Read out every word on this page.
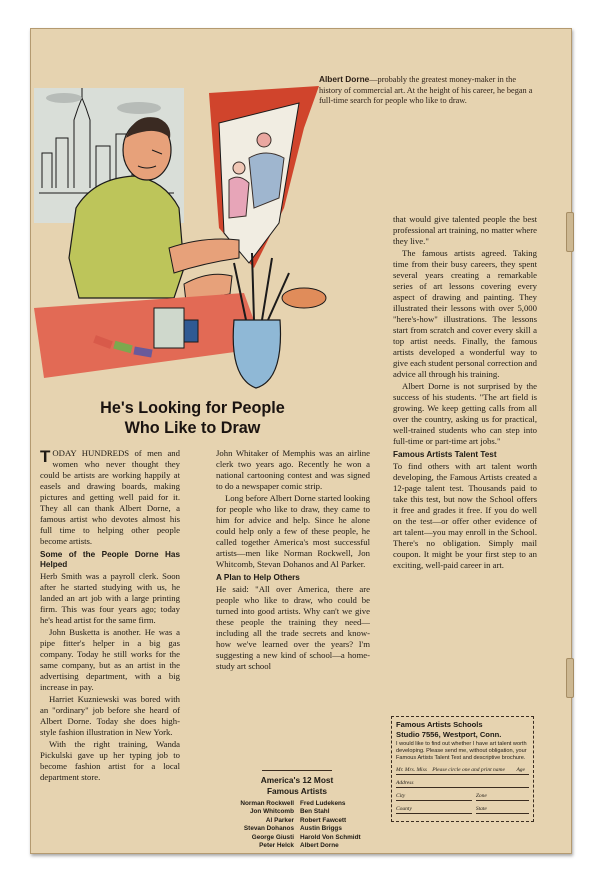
Albert Dorne—probably the greatest money-maker in the history of commercial art. At the height of his career, he began a full-time search for people who like to draw.
He's Looking for People
Who Like to Draw

TODAY HUNDREDS of men and women who never thought they could be artists are working happily at easels and drawing boards, making pictures and getting well paid for it. They all can thank Albert Dorne, a famous artist who devotes almost his full time to helping other people become artists.

Some of the People Dorne Has Helped

Herb Smith was a payroll clerk. Soon after he started studying with us, he landed an art job with a large printing firm. This was four years ago; today he's head artist for the same firm.

John Busketta is another. He was a pipe fitter's helper in a big gas company. Today he still works for the same company, but as an artist in the advertising department, with a big increase in pay.

Harriet Kuzniewski was bored with an "ordinary" job before she heard of Albert Dorne. Today she does high-style fashion illustration in New York.

With the right training, Wanda Pickulski gave up her typing job to become fashion artist for a local department store.

John Whitaker of Memphis was an airline clerk two years ago. Recently he won a national cartooning contest and was signed to do a newspaper comic strip.

Long before Albert Dorne started looking for people who like to draw, they came to him for advice and help. Since he alone could help only a few of these people, he called together America's most successful artists—men like Norman Rockwell, Jon Whitcomb, Stevan Dohanos and Al Parker.

A Plan to Help Others

He said: "All over America, there are people who like to draw, who could be turned into good artists. Why can't we give these people the training they need—including all the trade secrets and know-how we've learned over the years? I'm suggesting a new kind of school—a home-study art school

America's 12 Most
Famous Artists
Norman Rockwell Fred Ludekens
Jon Whitcomb Ben Stahl
Al Parker Robert Fawcett
Stevan Dohanos Austin Briggs
George Giusti Harold Von Schmidt
Peter Helck Albert Dorne

that would give talented people the best professional art training, no matter where they live."

The famous artists agreed. Taking time from their busy careers, they spent several years creating a remarkable series of art lessons covering every aspect of drawing and painting. They illustrated their lessons with over 5,000 "here's-how" illustrations. The lessons start from scratch and cover every skill a top artist needs. Finally, the famous artists developed a wonderful way to give each student personal correction and advice all through his training.

Albert Dorne is not surprised by the success of his students. "The art field is growing. We keep getting calls from all over the country, asking us for practical, well-trained students who can step into full-time or part-time art jobs."

Famous Artists Talent Test

To find others with art talent worth developing, the Famous Artists created a 12-page talent test. Thousands paid to take this test, but now the School offers it free and grades it free. If you do well on the test—or offer other evidence of art talent—you may enroll in the School. There's no obligation. Simply mail coupon. It might be your first step to an exciting, well-paid career in art.

Famous Artists Schools
Studio 7556, Westport, Conn.
I would like to find out whether I have art talent worth developing. Please send me, without obligation, your Famous Artists Talent Test and descriptive brochure.
Mr. Mrs. Miss Please circle one and print name Age
Address
City	Zone
County	State
